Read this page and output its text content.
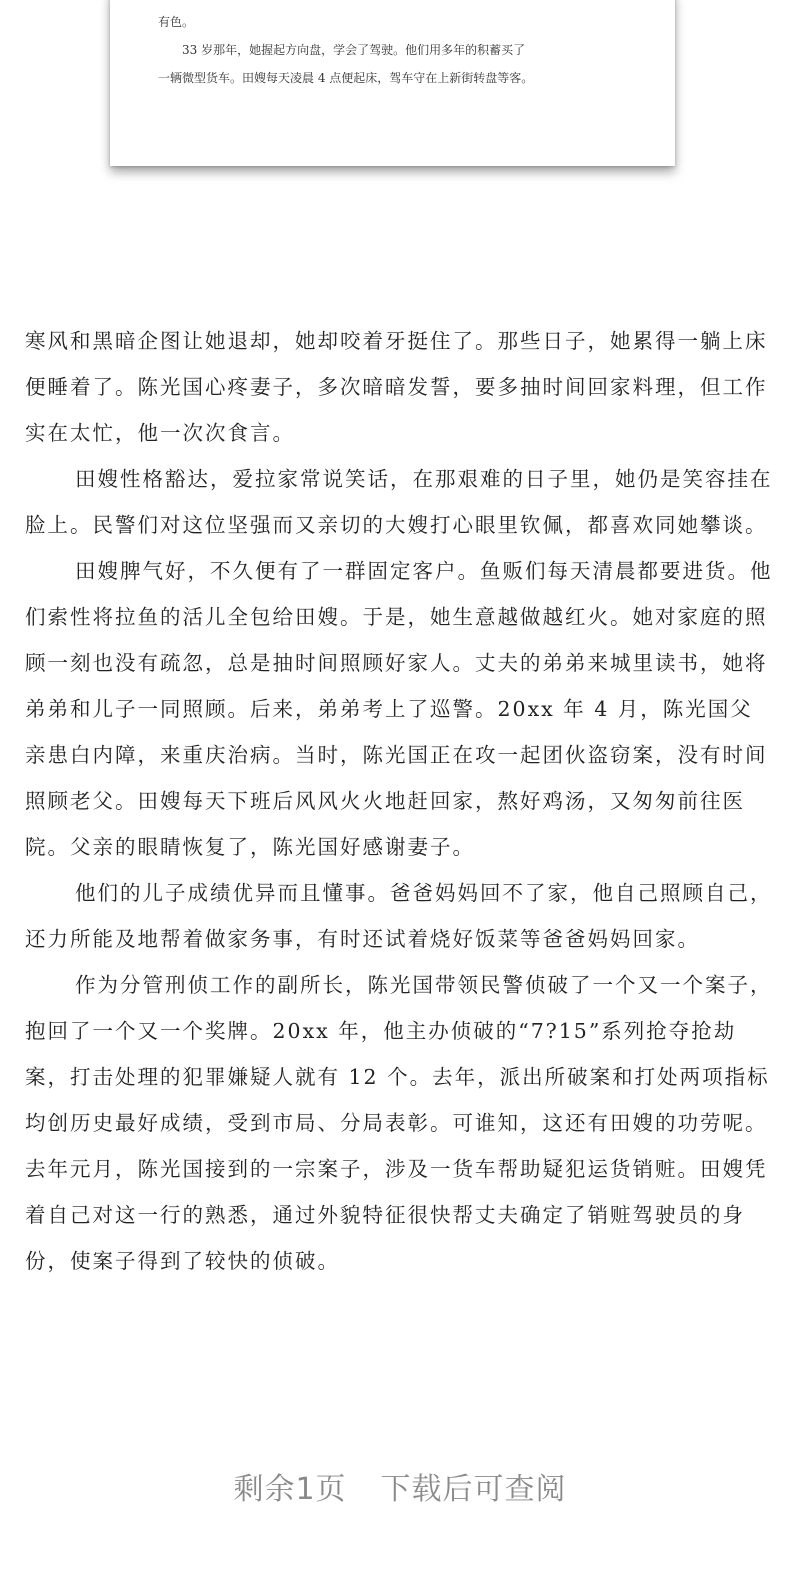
有色。

33 岁那年，她握起方向盘，学会了驾驶。他们用多年的积蓄买了

一辆微型货车。田嫂每天凌晨 4 点便起床，驾车守在上新街转盘等客。

寒风和黑暗企图让她退却，她却咬着牙挺住了。那些日子，她累得一躺上床便睡着了。陈光国心疼妻子，多次暗暗发誓，要多抽时间回家料理，但工作实在太忙，他一次次食言。

田嫂性格豁达，爱拉家常说笑话，在那艰难的日子里，她仍是笑容挂在脸上。民警们对这位坚强而又亲切的大嫂打心眼里钦佩，都喜欢同她攀谈。

田嫂脾气好，不久便有了一群固定客户。鱼贩们每天清晨都要进货。他们索性将拉鱼的活儿全包给田嫂。于是，她生意越做越红火。她对家庭的照顾一刻也没有疏忽，总是抽时间照顾好家人。丈夫的弟弟来城里读书，她将弟弟和儿子一同照顾。后来，弟弟考上了巡警。20xx 年 4 月，陈光国父亲患白内障，来重庆治病。当时，陈光国正在攻一起团伙盗窃案，没有时间照顾老父。田嫂每天下班后风风火火地赶回家，熬好鸡汤，又匆匆前往医院。父亲的眼睛恢复了，陈光国好感谢妻子。

他们的儿子成绩优异而且懂事。爸爸妈妈回不了家，他自己照顾自己，还力所能及地帮着做家务事，有时还试着烧好饭菜等爸爸妈妈回家。

作为分管刑侦工作的副所长，陈光国带领民警侦破了一个又一个案子，抱回了一个又一个奖牌。20xx 年，他主办侦破的“7?15”系列抢夺抢劫案，打击处理的犯罪嫌疑人就有 12 个。去年，派出所破案和打处两项指标均创历史最好成绩，受到市局、分局表彰。可谁知，这还有田嫂的功劳呢。去年元月，陈光国接到的一宗案子，涉及一货车帮助疑犯运货销赃。田嫂凭着自己对这一行的熟悉，通过外貌特征很快帮丈夫确定了销赃驾驶员的身份，使案子得到了较快的侦破。

剩余1页 下载后可查阅
